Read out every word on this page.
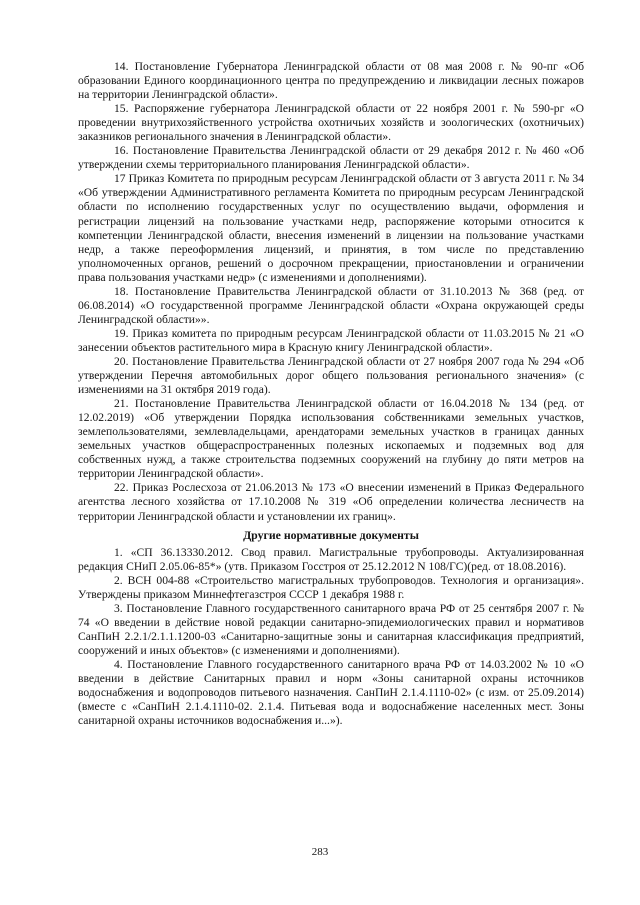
14. Постановление Губернатора Ленинградской области от 08 мая 2008 г. № 90-пг «Об образовании Единого координационного центра по предупреждению и ликвидации лесных пожаров на территории Ленинградской области».

15. Распоряжение губернатора Ленинградской области от 22 ноября 2001 г. № 590-рг «О проведении внутрихозяйственного устройства охотничьих хозяйств и зоологических (охотничьих) заказников регионального значения в Ленинградской области».

16. Постановление Правительства Ленинградской области от 29 декабря 2012 г. № 460 «Об утверждении схемы территориального планирования Ленинградской области».

17 Приказ Комитета по природным ресурсам Ленинградской области от 3 августа 2011 г. № 34 «Об утверждении Административного регламента Комитета по природным ресурсам Ленинградской области по исполнению государственных услуг по осуществлению выдачи, оформления и регистрации лицензий на пользование участками недр, распоряжение которыми относится к компетенции Ленинградской области, внесения изменений в лицензии на пользование участками недр, а также переоформления лицензий, и принятия, в том числе по представлению уполномоченных органов, решений о досрочном прекращении, приостановлении и ограничении права пользования участками недр» (с изменениями и дополнениями).

18. Постановление Правительства Ленинградской области от 31.10.2013 № 368 (ред. от 06.08.2014) «О государственной программе Ленинградской области «Охрана окружающей среды Ленинградской области»».

19. Приказ комитета по природным ресурсам Ленинградской области от 11.03.2015 № 21 «О занесении объектов растительного мира в Красную книгу Ленинградской области».

20. Постановление Правительства Ленинградской области от 27 ноября 2007 года № 294 «Об утверждении Перечня автомобильных дорог общего пользования регионального значения» (с изменениями на 31 октября 2019 года).

21. Постановление Правительства Ленинградской области от 16.04.2018 № 134 (ред. от 12.02.2019) «Об утверждении Порядка использования собственниками земельных участков, землепользователями, землевладельцами, арендаторами земельных участков в границах данных земельных участков общераспространенных полезных ископаемых и подземных вод для собственных нужд, а также строительства подземных сооружений на глубину до пяти метров на территории Ленинградской области».

22. Приказ Рослесхоза от 21.06.2013 № 173 «О внесении изменений в Приказ Федерального агентства лесного хозяйства от 17.10.2008 № 319 «Об определении количества лесничеств на территории Ленинградской области и установлении их границ».

Другие нормативные документы

1. «СП 36.13330.2012. Свод правил. Магистральные трубопроводы. Актуализированная редакция СНиП 2.05.06-85*» (утв. Приказом Госстроя от 25.12.2012 N 108/ГС)(ред. от 18.08.2016).

2. ВСН 004-88 «Строительство магистральных трубопроводов. Технология и организация». Утверждены приказом Миннефтегазстроя СССР 1 декабря 1988 г.

3. Постановление Главного государственного санитарного врача РФ от 25 сентября 2007 г. № 74 «О введении в действие новой редакции санитарно-эпидемиологических правил и нормативов СанПиН 2.2.1/2.1.1.1200-03 «Санитарно-защитные зоны и санитарная классификация предприятий, сооружений и иных объектов» (с изменениями и дополнениями).

4. Постановление Главного государственного санитарного врача РФ от 14.03.2002 № 10 «О введении в действие Санитарных правил и норм «Зоны санитарной охраны источников водоснабжения и водопроводов питьевого назначения. СанПиН 2.1.4.1110-02» (с изм. от 25.09.2014) (вместе с «СанПиН 2.1.4.1110-02. 2.1.4. Питьевая вода и водоснабжение населенных мест. Зоны санитарной охраны источников водоснабжения и...»).

283
